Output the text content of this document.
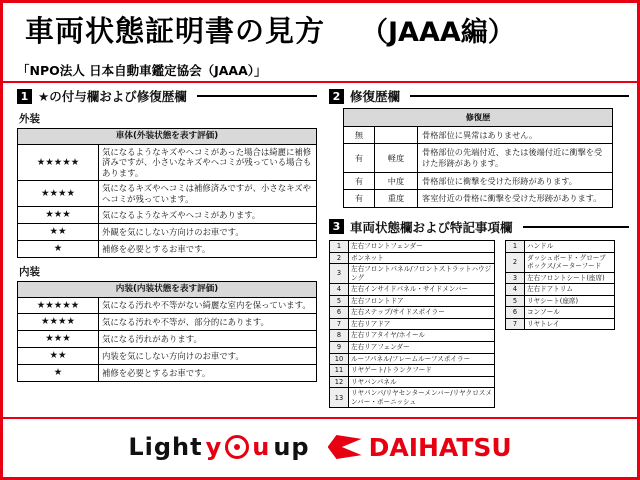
車両状態証明書の見方 （JAAA編）
「NPO法人 日本自動車鑑定協会（JAAA）」
1 ★の付与欄および修復歴欄
外装
車体(外装状態を表す評価)	
★★★★★	気になるようなキズやヘコミがあった場合は綺麗に補修済みですが、小さいなキズやヘコミが残っている場合もあります。
★★★★	気になるキズやヘコミは補修済みですが、小さなキズやヘコミが残っています。
★★★	気になるようなキズやヘコミがあります。
★★	外観を気にしない方向けのお車です。
★	補修を必要とするお車です。
内装
内装(内装状態を表す評価)	
★★★★★	気になる汚れや不等がない綺麗な室内を保っています。
★★★★	気になる汚れや不等が、部分的にあります。
★★★	気になる汚れがあります。
★★	内装を気にしない方向けのお車です。
★	補修を必要とするお車です。
2 修復歴欄
修復歴		
無		骨格部位に異常はありません。
有	軽度	骨格部位の先端付近、または後端付近に衝撃を受けた形跡があります。
有	中度	骨格部位に衝撃を受けた形跡があります。
有	重度	客室付近の骨格に衝撃を受けた形跡があります。
3 車両状態欄および特記事項欄
1	左右フロントフェンダー
2	ボンネット
3	左右フロントパネル/フロントストラットハウジング
4	左右インサイドパネル・サイドメンバー
5	左右フロントドア
6	左右ステップ/サイドスポイラー
7	左右リアドア
8	左右リアタイヤ/ホイール
9	左右リアフェンダー
10	ルーフパネル/フレームルーフスポイラー
11	リヤゲート/トランクフード
12	リヤバンパネル
13	リヤパンパ/リヤセンターメンバー/リヤクロスメンバー・ボーニッシュ
1	ハンドル
2	ダッシュボード・グローブボックス/メーターフード
3	左右フロントシート(座席)
4	左右ドアトリム
5	リヤシート(座席)
6	コンソール
7	リヤトレイ
Light y u up DAIHATSU
